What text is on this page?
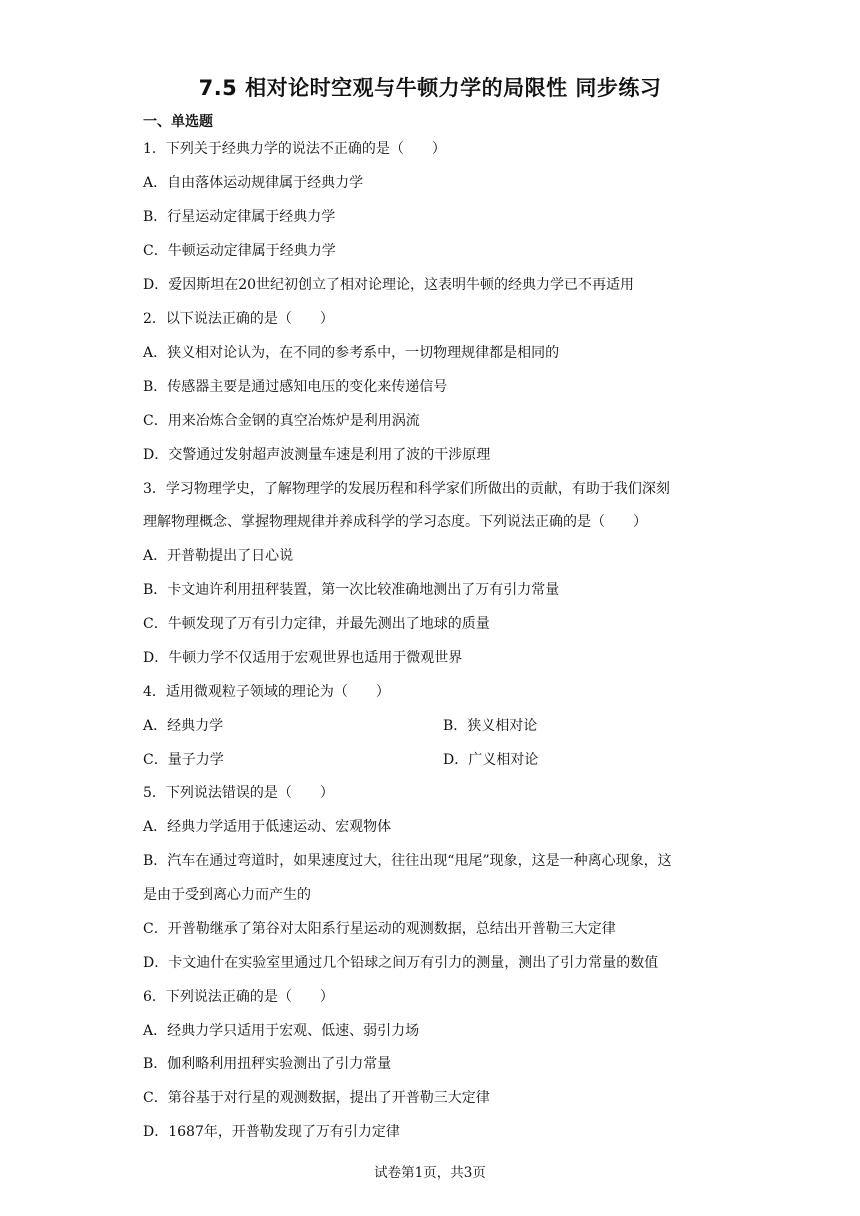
7.5 相对论时空观与牛顿力学的局限性 同步练习
一、单选题
1．下列关于经典力学的说法不正确的是（　　）
A．自由落体运动规律属于经典力学
B．行星运动定律属于经典力学
C．牛顿运动定律属于经典力学
D．爱因斯坦在20世纪初创立了相对论理论，这表明牛顿的经典力学已不再适用
2．以下说法正确的是（　　）
A．狭义相对论认为，在不同的参考系中，一切物理规律都是相同的
B．传感器主要是通过感知电压的变化来传递信号
C．用来冶炼合金钢的真空冶炼炉是利用涡流
D．交警通过发射超声波测量车速是利用了波的干涉原理
3．学习物理学史，了解物理学的发展历程和科学家们所做出的贡献，有助于我们深刻
理解物理概念、掌握物理规律并养成科学的学习态度。下列说法正确的是（　　）
A．开普勒提出了日心说
B．卡文迪许利用扭秤装置，第一次比较准确地测出了万有引力常量
C．牛顿发现了万有引力定律，并最先测出了地球的质量
D．牛顿力学不仅适用于宏观世界也适用于微观世界
4．适用微观粒子领域的理论为（　　）
A．经典力学	B．狭义相对论
C．量子力学	D．广义相对论
5．下列说法错误的是（　　）
A．经典力学适用于低速运动、宏观物体
B．汽车在通过弯道时，如果速度过大，往往出现“甩尾”现象，这是一种离心现象，这
是由于受到离心力而产生的
C．开普勒继承了第谷对太阳系行星运动的观测数据，总结出开普勒三大定律
D．卡文迪什在实验室里通过几个铅球之间万有引力的测量，测出了引力常量的数值
6．下列说法正确的是（　　）
A．经典力学只适用于宏观、低速、弱引力场
B．伽利略利用扭秤实验测出了引力常量
C．第谷基于对行星的观测数据，提出了开普勒三大定律
D．1687年，开普勒发现了万有引力定律
试卷第1页，共3页
